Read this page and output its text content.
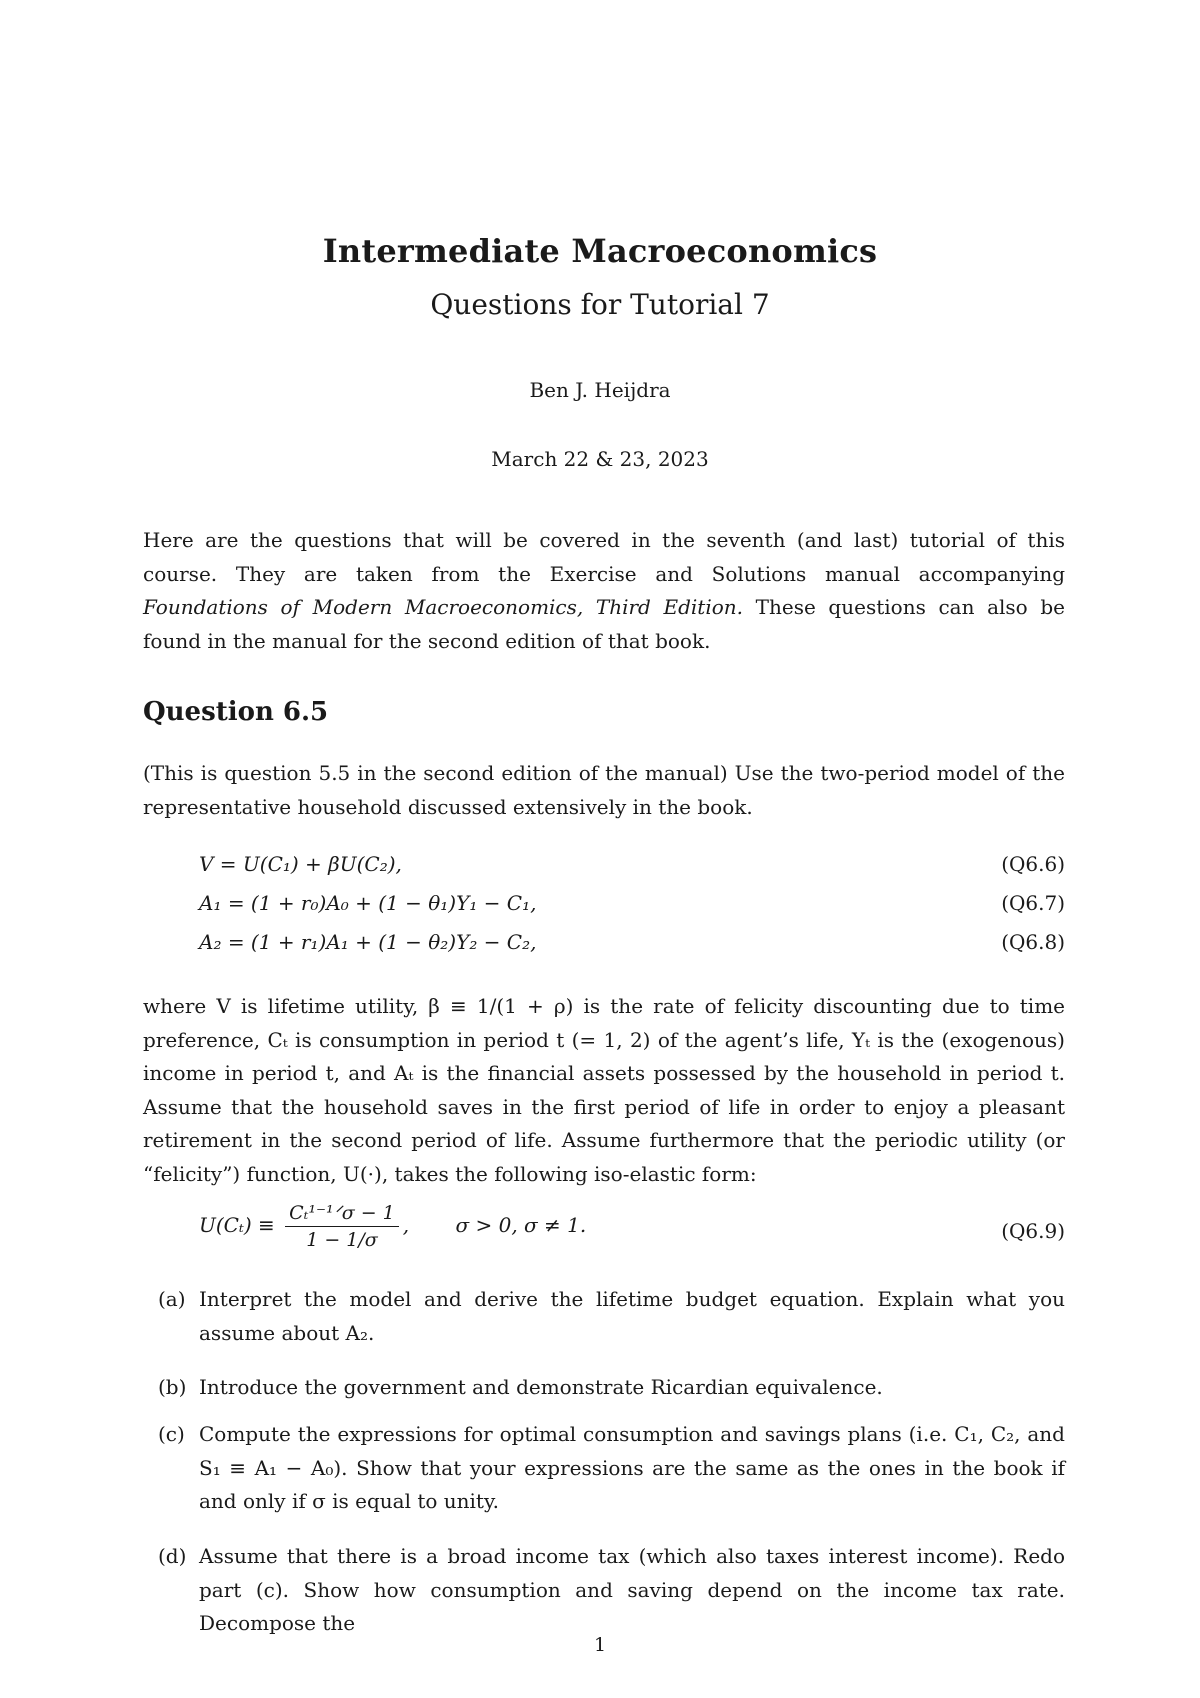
Intermediate Macroeconomics
Questions for Tutorial 7
Ben J. Heijdra
March 22 & 23, 2023
Here are the questions that will be covered in the seventh (and last) tutorial of this course. They are taken from the Exercise and Solutions manual accompanying Foundations of Modern Macroeconomics, Third Edition. These questions can also be found in the manual for the second edition of that book.
Question 6.5
(This is question 5.5 in the second edition of the manual) Use the two-period model of the representative household discussed extensively in the book.
V = U(C₁) + βU(C₂),	(Q6.6)
A₁ = (1 + r₀)A₀ + (1 − θ₁)Y₁ − C₁,	(Q6.7)
A₂ = (1 + r₁)A₁ + (1 − θ₂)Y₂ − C₂,	(Q6.8)
where V is lifetime utility, β ≡ 1/(1 + ρ) is the rate of felicity discounting due to time preference, Cₜ is consumption in period t (= 1, 2) of the agent’s life, Yₜ is the (exogenous) income in period t, and Aₜ is the financial assets possessed by the household in period t. Assume that the household saves in the first period of life in order to enjoy a pleasant retirement in the second period of life. Assume furthermore that the periodic utility (or “felicity”) function, U(·), takes the following iso-elastic form:
$U(C_t) \equiv \frac{\text{Cₜ¹⁻¹ᐟσ − 1}}{1 - 1/\sigma}$ , σ > 0, σ ≠ 1.	(Q6.9)
(a) Interpret the model and derive the lifetime budget equation. Explain what you assume about A₂.
(b) Introduce the government and demonstrate Ricardian equivalence.
(c) Compute the expressions for optimal consumption and savings plans (i.e. C₁, C₂, and S₁ ≡ A₁ − A₀). Show that your expressions are the same as the ones in the book if and only if σ is equal to unity.
(d) Assume that there is a broad income tax (which also taxes interest income). Redo part (c). Show how consumption and saving depend on the income tax rate. Decompose the
1
